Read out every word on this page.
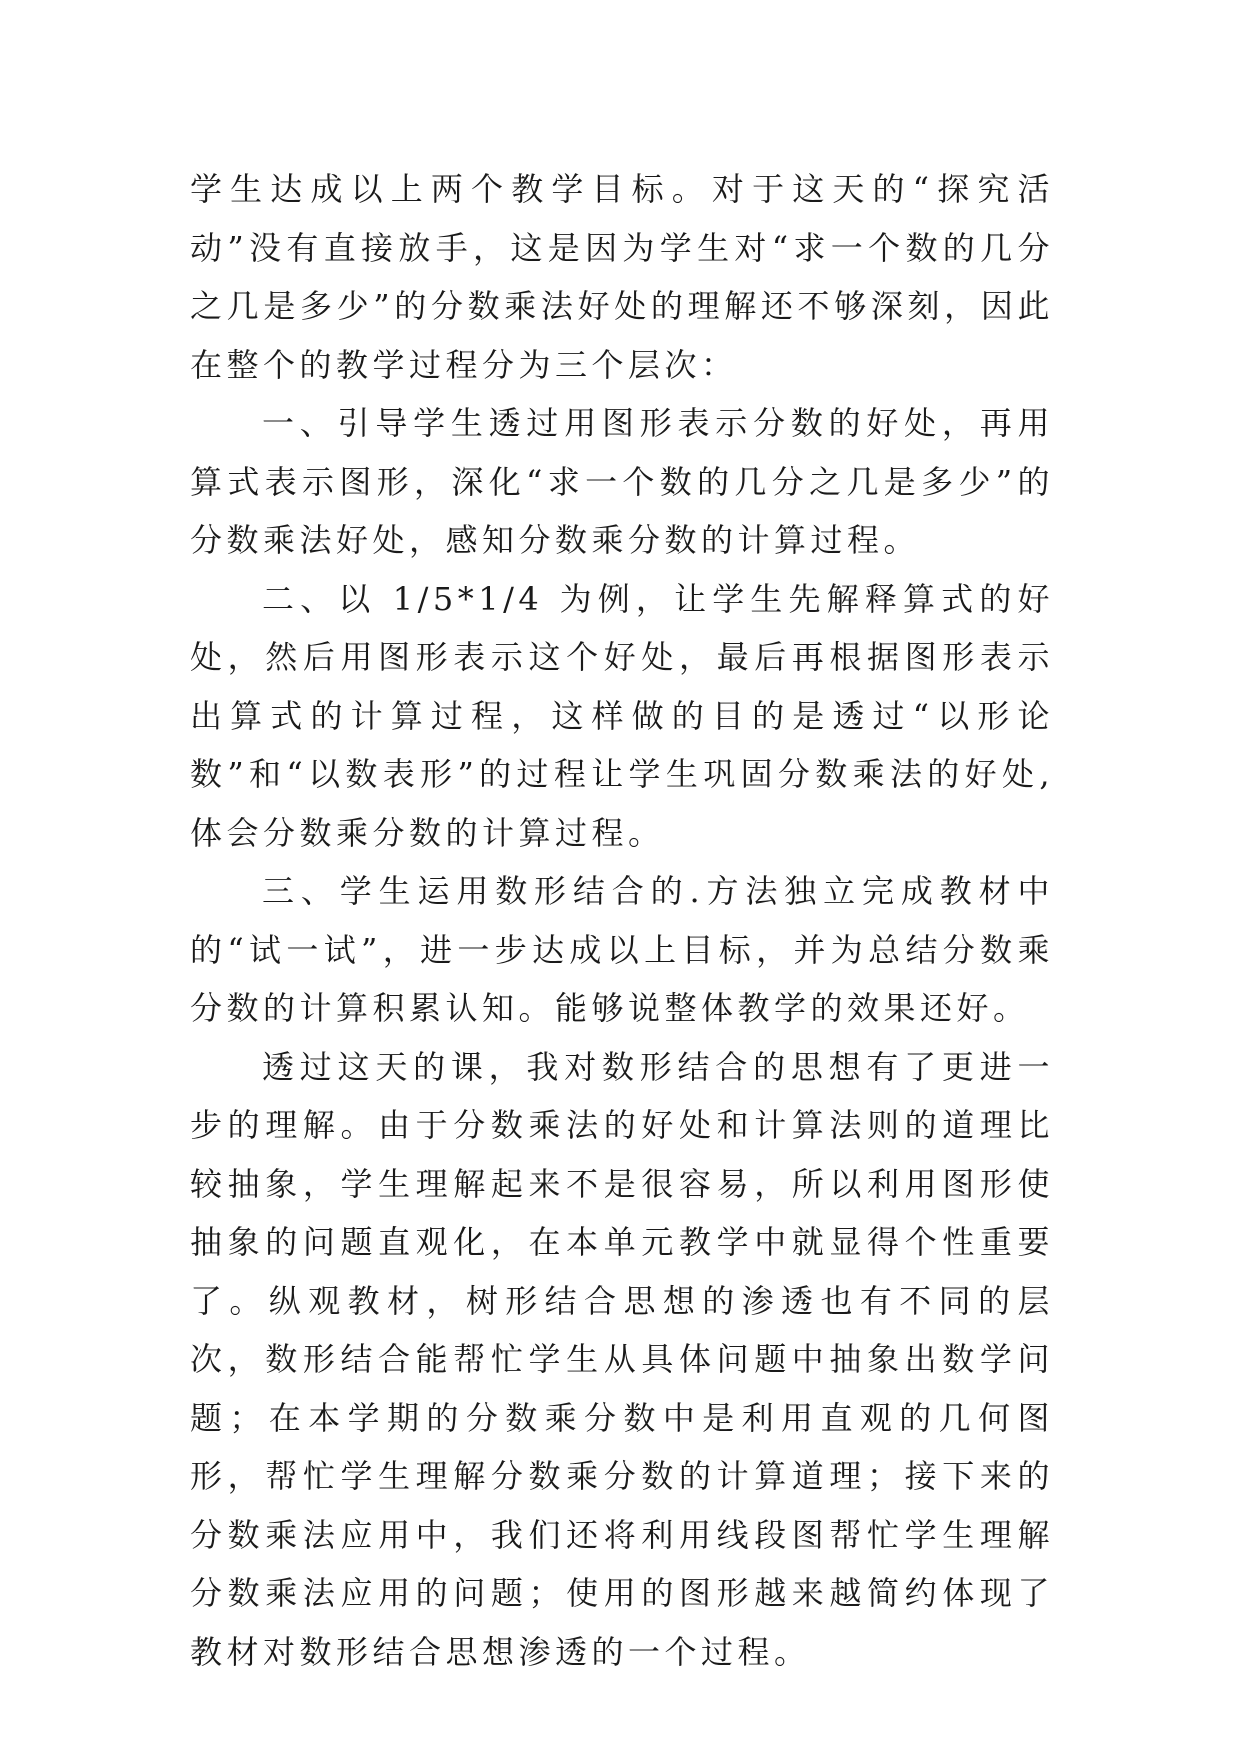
学生达成以上两个教学目标。对于这天的“探究活动”没有直接放手，这是因为学生对“求一个数的几分之几是多少”的分数乘法好处的理解还不够深刻，因此在整个的教学过程分为三个层次：

一、引导学生透过用图形表示分数的好处，再用算式表示图形，深化“求一个数的几分之几是多少”的分数乘法好处，感知分数乘分数的计算过程。

二、以 1/5*1/4 为例，让学生先解释算式的好处，然后用图形表示这个好处，最后再根据图形表示出算式的计算过程，这样做的目的是透过“以形论数”和“以数表形”的过程让学生巩固分数乘法的好处,体会分数乘分数的计算过程。

三、学生运用数形结合的.方法独立完成教材中的“试一试”，进一步达成以上目标，并为总结分数乘分数的计算积累认知。能够说整体教学的效果还好。

透过这天的课，我对数形结合的思想有了更进一步的理解。由于分数乘法的好处和计算法则的道理比较抽象，学生理解起来不是很容易，所以利用图形使抽象的问题直观化，在本单元教学中就显得个性重要了。纵观教材，树形结合思想的渗透也有不同的层次，数形结合能帮忙学生从具体问题中抽象出数学问题；在本学期的分数乘分数中是利用直观的几何图形，帮忙学生理解分数乘分数的计算道理；接下来的分数乘法应用中，我们还将利用线段图帮忙学生理解分数乘法应用的问题；使用的图形越来越简约体现了教材对数形结合思想渗透的一个过程。
